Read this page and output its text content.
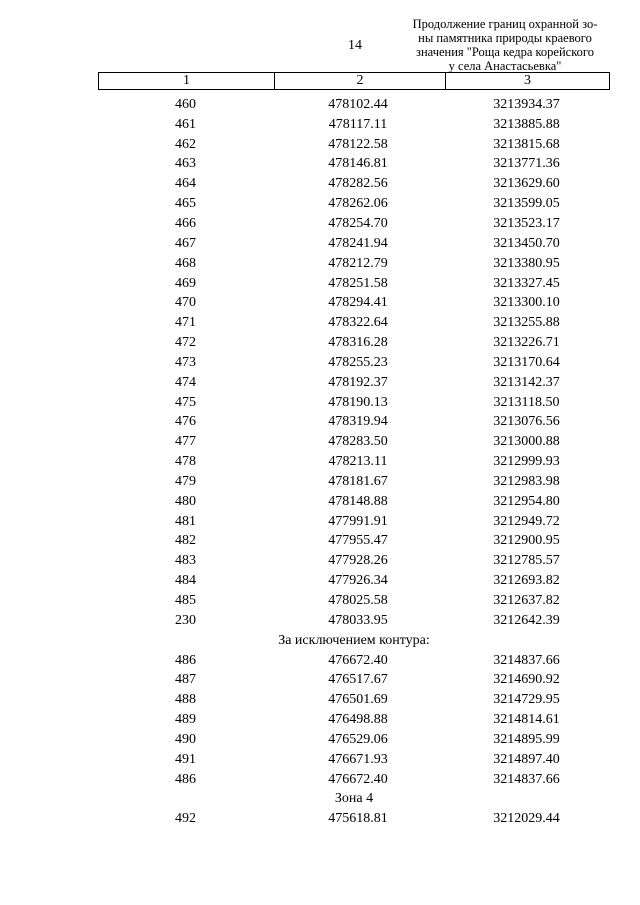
14
Продолжение границ охранной зо-
ны памятника природы краевого
значения "Роща кедра корейского
у села Анастасьевка"
1	2	3
460	478102.44	3213934.37
461	478117.11	3213885.88
462	478122.58	3213815.68
463	478146.81	3213771.36
464	478282.56	3213629.60
465	478262.06	3213599.05
466	478254.70	3213523.17
467	478241.94	3213450.70
468	478212.79	3213380.95
469	478251.58	3213327.45
470	478294.41	3213300.10
471	478322.64	3213255.88
472	478316.28	3213226.71
473	478255.23	3213170.64
474	478192.37	3213142.37
475	478190.13	3213118.50
476	478319.94	3213076.56
477	478283.50	3213000.88
478	478213.11	3212999.93
479	478181.67	3212983.98
480	478148.88	3212954.80
481	477991.91	3212949.72
482	477955.47	3212900.95
483	477928.26	3212785.57
484	477926.34	3212693.82
485	478025.58	3212637.82
230	478033.95	3212642.39
За исключением контура:
486	476672.40	3214837.66
487	476517.67	3214690.92
488	476501.69	3214729.95
489	476498.88	3214814.61
490	476529.06	3214895.99
491	476671.93	3214897.40
486	476672.40	3214837.66
Зона 4
492	475618.81	3212029.44
